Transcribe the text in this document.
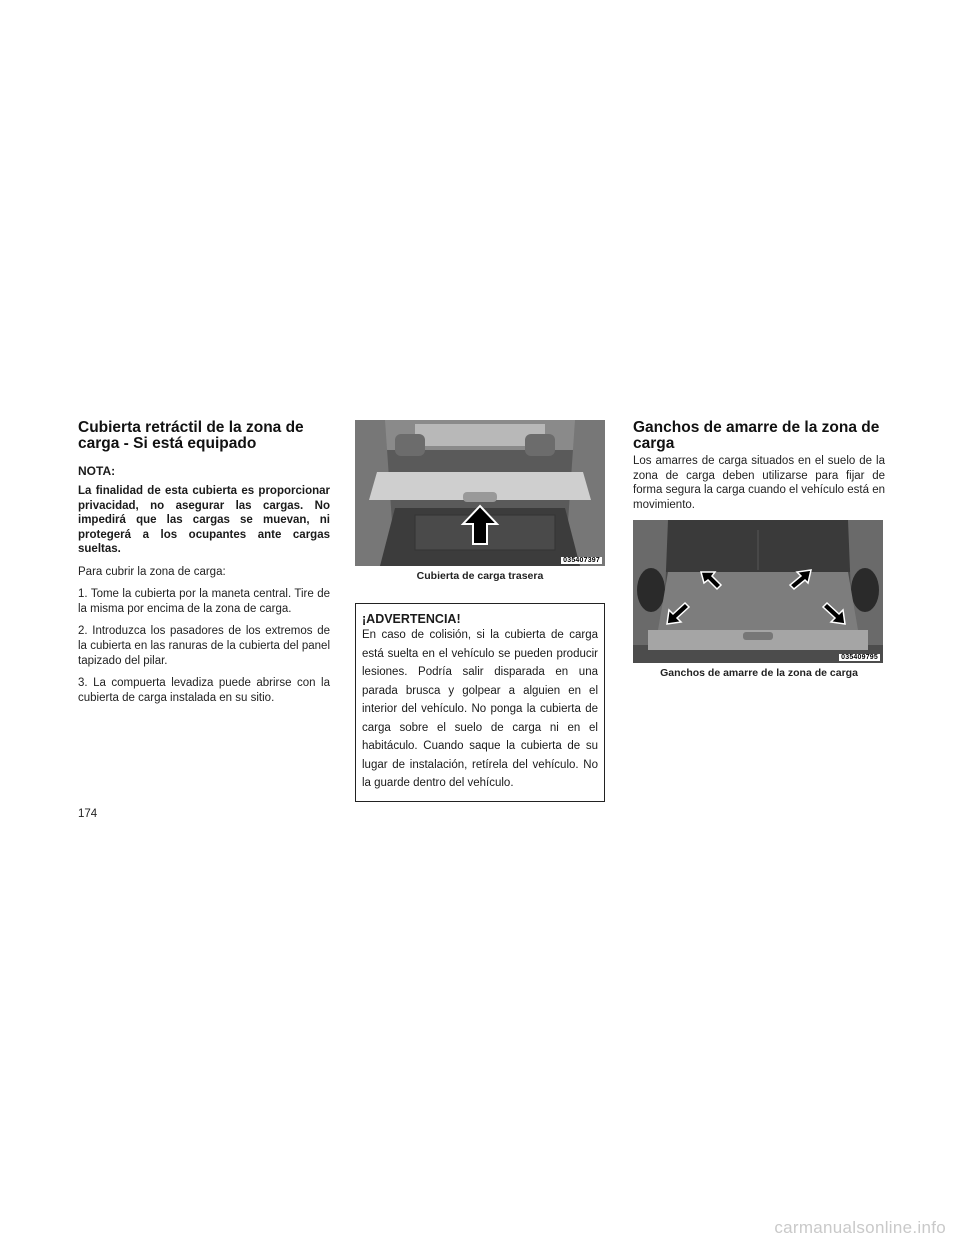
Cubierta retráctil de la zona de carga - Si está equipado
NOTA:

La finalidad de esta cubierta es proporcionar privacidad, no asegurar las cargas. No impedirá que las cargas se muevan, ni protegerá a los ocupantes ante cargas sueltas.

Para cubrir la zona de carga:

1. Tome la cubierta por la maneta central. Tire de la misma por encima de la zona de carga.

2. Introduzca los pasadores de los extremos de la cubierta en las ranuras de la cubierta del panel tapizado del pilar.

3. La compuerta levadiza puede abrirse con la cubierta de carga instalada en su sitio.

035407397
Cubierta de carga trasera
¡ADVERTENCIA!

En caso de colisión, si la cubierta de carga está suelta en el vehículo se pueden producir lesiones. Podría salir disparada en una parada brusca y golpear a alguien en el interior del vehículo. No ponga la cubierta de carga sobre el suelo de carga ni en el habitáculo. Cuando saque la cubierta de su lugar de instalación, retírela del vehículo. No la guarde dentro del vehículo.

Ganchos de amarre de la zona de carga

Los amarres de carga situados en el suelo de la zona de carga deben utilizarse para fijar de forma segura la carga cuando el vehículo está en movimiento.

035409795
Ganchos de amarre de la zona de carga
174
carmanualsonline.info
